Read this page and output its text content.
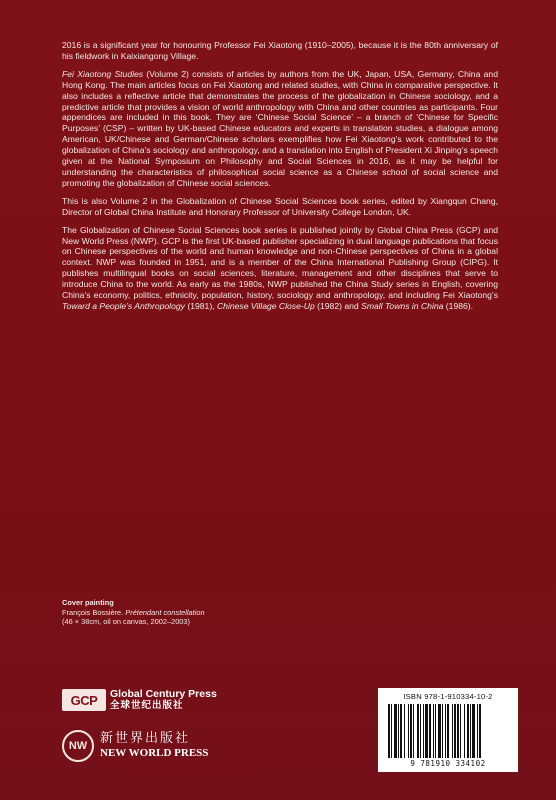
2016 is a significant year for honouring Professor Fei Xiaotong (1910–2005), because it is the 80th anniversary of his fieldwork in Kaixiangong Village.

Fei Xiaotong Studies (Volume 2) consists of articles by authors from the UK, Japan, USA, Germany, China and Hong Kong. The main articles focus on Fei Xiaotong and related studies, with China in comparative perspective. It also includes a reflective article that demonstrates the process of the globalization in Chinese sociology, and a predictive article that provides a vision of world anthropology with China and other countries as participants. Four appendices are included in this book. They are ‘Chinese Social Science’ – a branch of ‘Chinese for Specific Purposes’ (CSP) – written by UK-based Chinese educators and experts in translation studies, a dialogue among American, UK/Chinese and German/Chinese scholars exemplifies how Fei Xiaotong’s work contributed to the globalization of China’s sociology and anthropology, and a translation into English of President Xi Jinping’s speech given at the National Symposium on Philosophy and Social Sciences in 2016, as it may be helpful for understanding the characteristics of philosophical social science as a Chinese school of social science and promoting the globalization of Chinese social sciences.

This is also Volume 2 in the Globalization of Chinese Social Sciences book series, edited by Xiangqun Chang, Director of Global China Institute and Honorary Professor of University College London, UK.

The Globalization of Chinese Social Sciences book series is published jointly by Global China Press (GCP) and New World Press (NWP). GCP is the first UK-based publisher specializing in dual language publications that focus on Chinese perspectives of the world and human knowledge and non-Chinese perspectives of China in a global context. NWP was founded in 1951, and is a member of the China International Publishing Group (CIPG). It publishes multilingual books on social sciences, literature, management and other disciplines that serve to introduce China to the world. As early as the 1980s, NWP published the China Study series in English, covering China’s economy, politics, ethnicity, population, history, sociology and anthropology, and including Fei Xiaotong’s Toward a People’s Anthropology (1981), Chinese Village Close-Up (1982) and Small Towns in China (1986).

Cover painting
François Bossière. Prétendant constellation
(46 × 38cm, oil on canvas, 2002–2003)
GCP	Global Century Press
全球世纪出版社
NW 新世界出版社
NEW WORLD PRESS
ISBN 978-1-910334-10-2
9 781910 334102
